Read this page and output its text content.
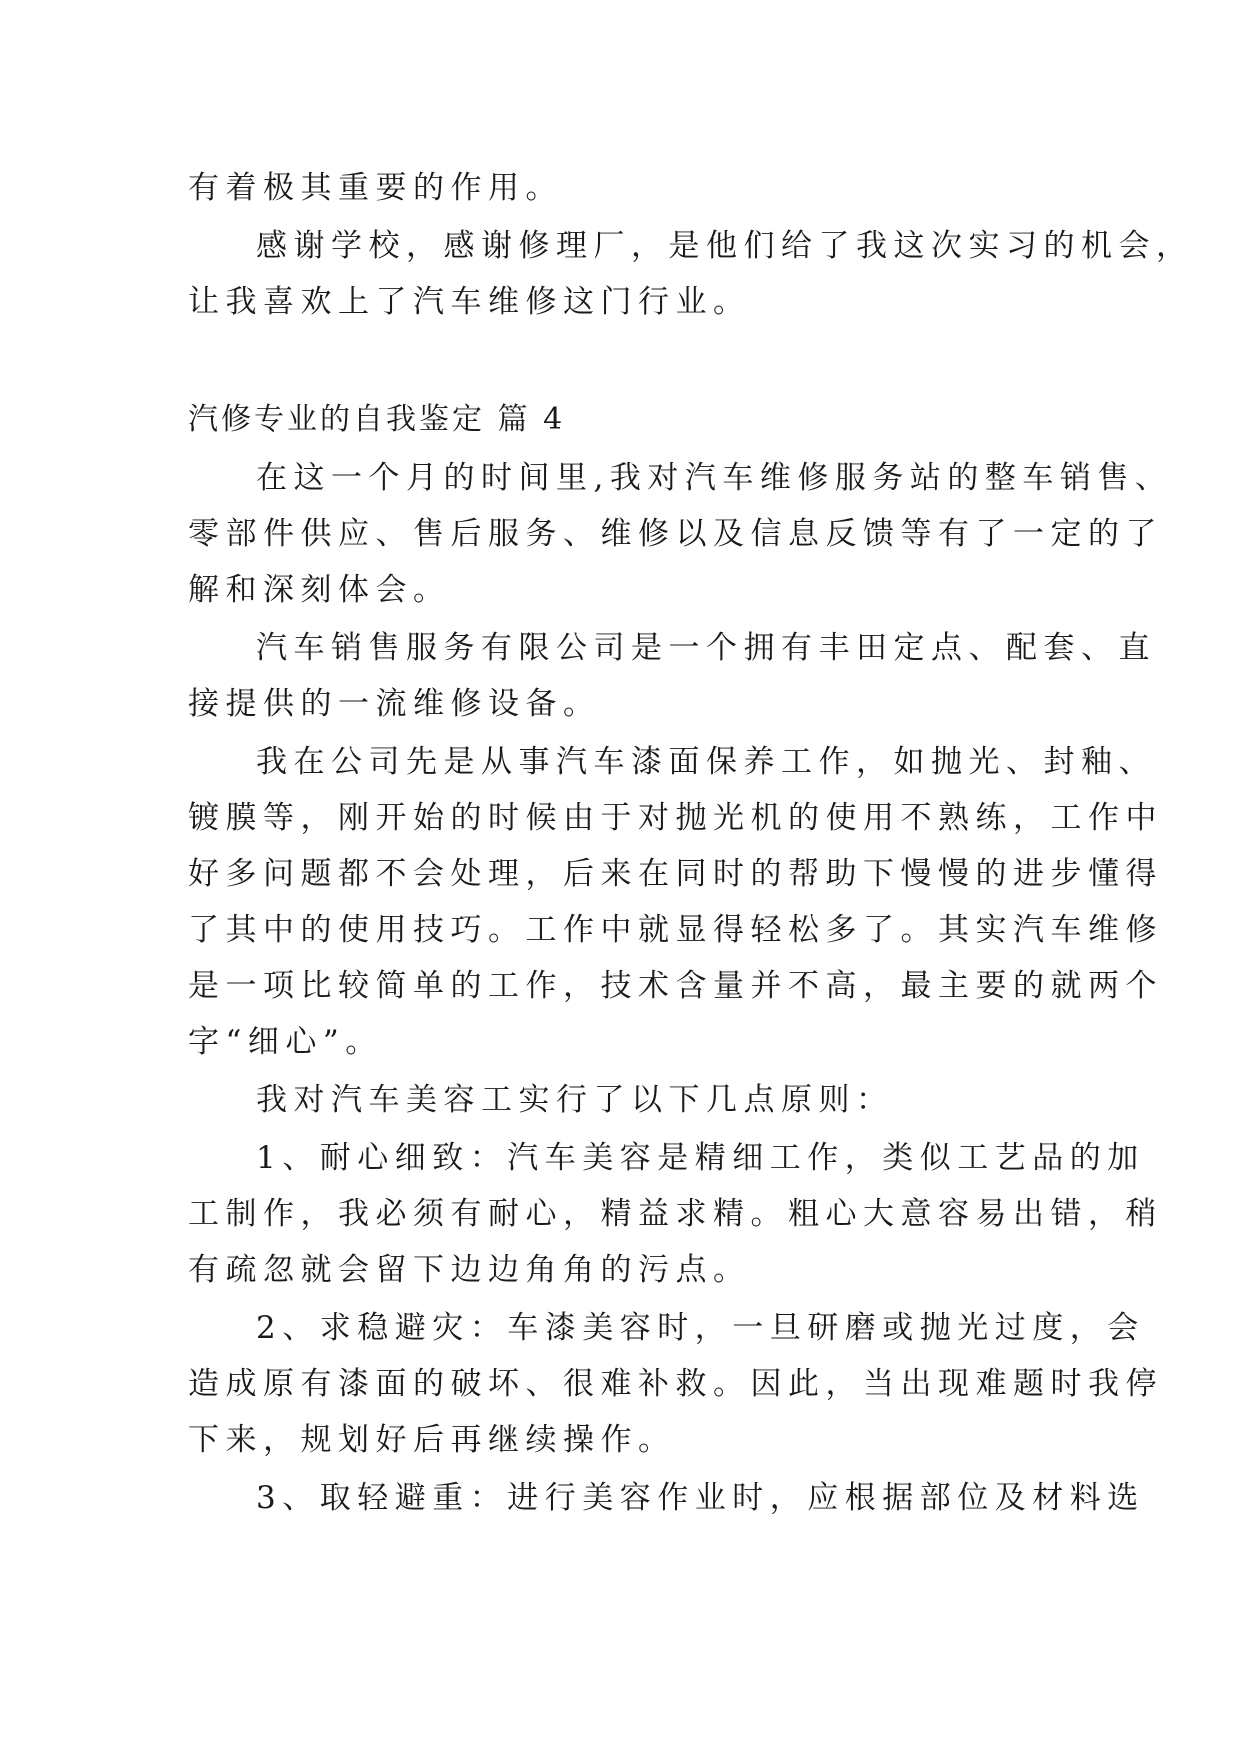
有着极其重要的作用。
感谢学校，感谢修理厂，是他们给了我这次实习的机会，
让我喜欢上了汽车维修这门行业。
汽修专业的自我鉴定 篇 4
在这一个月的时间里,我对汽车维修服务站的整车销售、
零部件供应、售后服务、维修以及信息反馈等有了一定的了
解和深刻体会。
汽车销售服务有限公司是一个拥有丰田定点、配套、直
接提供的一流维修设备。
我在公司先是从事汽车漆面保养工作，如抛光、封釉、
镀膜等，刚开始的时候由于对抛光机的使用不熟练，工作中
好多问题都不会处理，后来在同时的帮助下慢慢的进步懂得
了其中的使用技巧。工作中就显得轻松多了。其实汽车维修
是一项比较简单的工作，技术含量并不高，最主要的就两个
字“细心”。
我对汽车美容工实行了以下几点原则：
1、耐心细致：汽车美容是精细工作，类似工艺品的加
工制作，我必须有耐心，精益求精。粗心大意容易出错，稍
有疏忽就会留下边边角角的污点。
2、求稳避灾：车漆美容时，一旦研磨或抛光过度，会
造成原有漆面的破坏、很难补救。因此，当出现难题时我停
下来，规划好后再继续操作。
3、取轻避重：进行美容作业时，应根据部位及材料选
